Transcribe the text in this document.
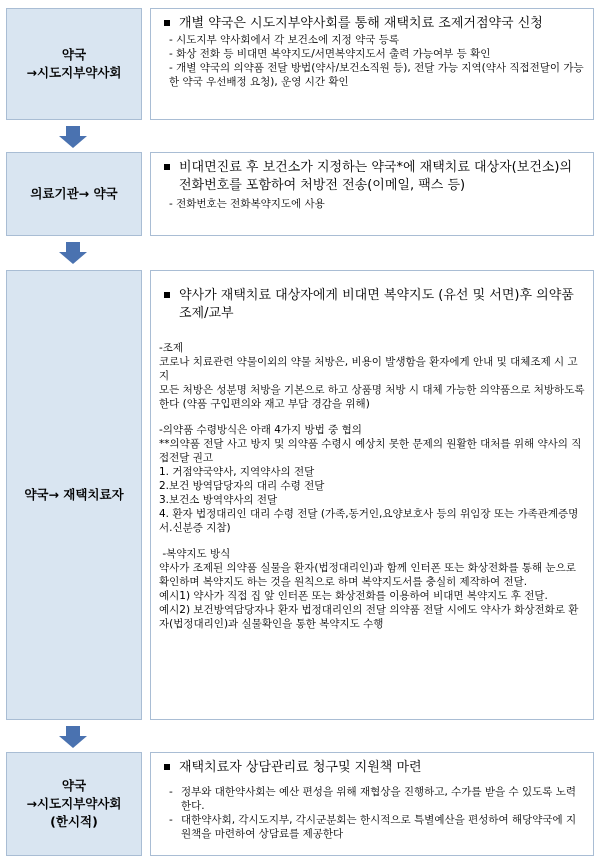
약국
→시도지부약사회
개별 약국은 시도지부약사회를 통해 재택치료 조제거점약국 신청
- 시도지부 약사회에서 각 보건소에 지정 약국 등록
- 화상 전화 등 비대면 복약지도/서면복약지도서 출력 가능여부 등 확인
- 개별 약국의 의약품 전달 방법(약사/보건소직원 등), 전달 가능 지역(약사 직접전달이 가능한 약국 우선배정 요청), 운영 시간 확인
의료기관→ 약국
비대면진료 후 보건소가 지정하는 약국*에 재택치료 대상자(보건소)의 전화번호를 포함하여 처방전 전송(이메일, 팩스 등)
- 전화번호는 전화복약지도에 사용
약국→ 재택치료자
약사가 재택치료 대상자에게 비대면 복약지도 (유선 및 서면)후 의약품 조제/교부
-조제
코로나 치료관련 약물이외의 약물 처방은, 비용이 발생함을 환자에게 안내 및 대체조제 시 고지
모든 처방은 성분명 처방을 기본으로 하고 상품명 처방 시 대체 가능한 의약품으로 처방하도록 한다 (약품 구입편의와 재고 부담 경감을 위해)
-의약품 수령방식은 아래 4가지 방법 중 협의
**의약품 전달 사고 방지 및 의약품 수령시 예상치 못한 문제의 원활한 대처를 위해 약사의 직접전달 권고
1. 거점약국약사, 지역약사의 전달
2.보건 방역담당자의 대리 수령 전달
3.보건소 방역약사의 전달
4. 환자 법정대리인 대리 수령 전달 (가족,동거인,요양보호사 등의 위임장 또는 가족관계증명서.신분증 지참)
-복약지도 방식
약사가 조제된 의약품 실물을 환자(법정대리인)과 함께 인터폰 또는 화상전화를 통해 눈으로 확인하며 복약지도 하는 것을 원칙으로 하며 복약지도서를 충실히 제작하여 전달.
예시1) 약사가 직접 집 앞 인터폰 또는 화상전화를 이용하여 비대면 복약지도 후 전달.
예시2) 보건방역담당자나 환자 법정대리인의 전달 의약품 전달 시에도 약사가 화상전화로 환자(법정대리인)과 실물확인을 통한 복약지도 수행
약국
→시도지부약사회
(한시적)
재택치료자 상담관리료 청구및 지원책 마련
- 정부와 대한약사회는 예산 편성을 위해 재협상을 진행하고, 수가를 받을 수 있도록 노력한다.
- 대한약사회, 각시도지부, 각시군분회는 한시적으로 특별예산을 편성하여 해당약국에 지원책을 마련하여 상담료를 제공한다
